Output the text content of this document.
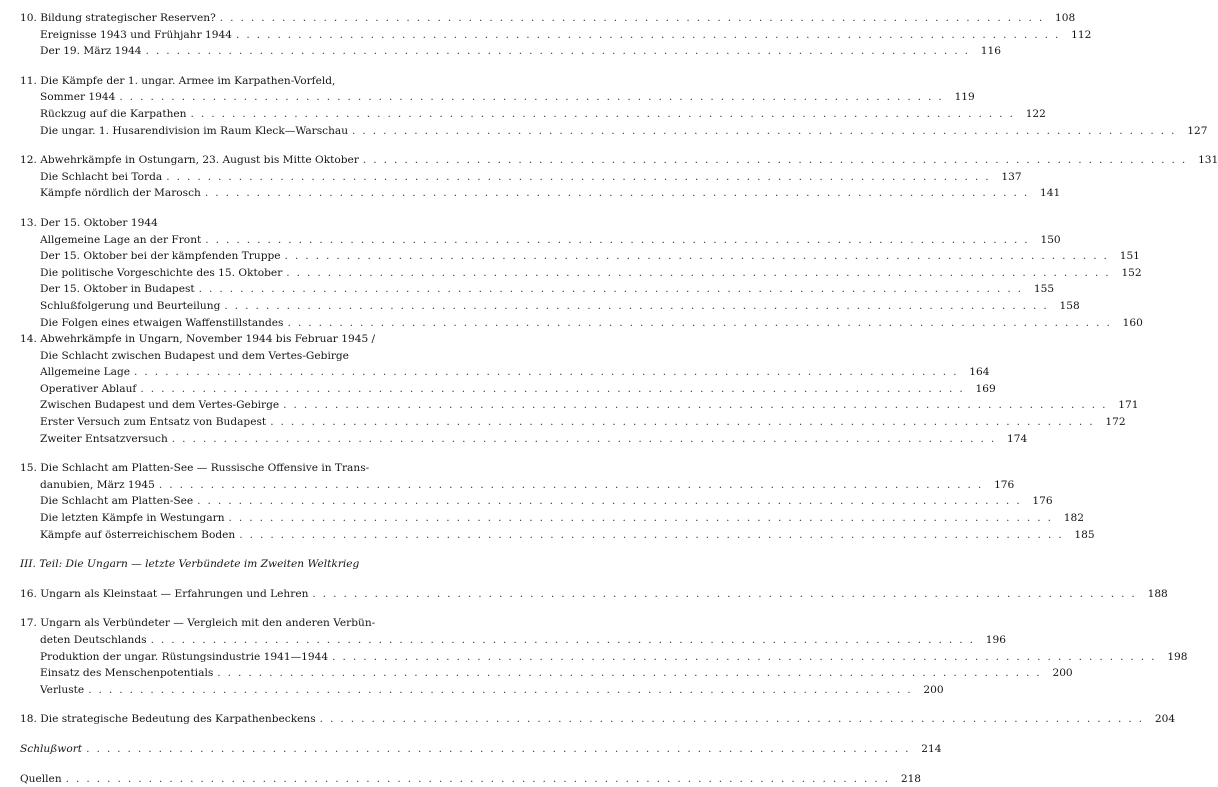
10. Bildung strategischer Reserven? ................................................................................ 108
Ereignisse 1943 und Frühjahr 1944 ................................................................................ 112
Der 19. März 1944 ................................................................................ 116
11. Die Kämpfe der 1. ungar. Armee im Karpathen-Vorfeld,
Sommer 1944 ................................................................................ 119
Rückzug auf die Karpathen ................................................................................ 122
Die ungar. 1. Husarendivision im Raum Kleck—Warschau ................................................................................ 127
12. Abwehrkämpfe in Ostungarn, 23. August bis Mitte Oktober ................................................................................ 131
Die Schlacht bei Torda ................................................................................ 137
Kämpfe nördlich der Marosch ................................................................................ 141
13. Der 15. Oktober 1944
Allgemeine Lage an der Front ................................................................................ 150
Der 15. Oktober bei der kämpfenden Truppe ................................................................................ 151
Die politische Vorgeschichte des 15. Oktober ................................................................................ 152
Der 15. Oktober in Budapest ................................................................................ 155
Schlußfolgerung und Beurteilung ................................................................................ 158
Die Folgen eines etwaigen Waffenstillstandes ................................................................................ 160
14. Abwehrkämpfe in Ungarn, November 1944 bis Februar 1945 /
Die Schlacht zwischen Budapest und dem Vertes-Gebirge
Allgemeine Lage ................................................................................ 164
Operativer Ablauf ................................................................................ 169
Zwischen Budapest und dem Vertes-Gebirge ................................................................................ 171
Erster Versuch zum Entsatz von Budapest ................................................................................ 172
Zweiter Entsatzversuch ................................................................................ 174
15. Die Schlacht am Platten-See — Russische Offensive in Trans-
danubien, März 1945 ................................................................................ 176
Die Schlacht am Platten-See ................................................................................ 176
Die letzten Kämpfe in Westungarn ................................................................................ 182
Kämpfe auf österreichischem Boden ................................................................................ 185
III. Teil: Die Ungarn — letzte Verbündete im Zweiten Weltkrieg
16. Ungarn als Kleinstaat — Erfahrungen und Lehren ................................................................................ 188
17. Ungarn als Verbündeter — Vergleich mit den anderen Verbün-
deten Deutschlands ................................................................................ 196
Produktion der ungar. Rüstungsindustrie 1941—1944 ................................................................................ 198
Einsatz des Menschenpotentials ................................................................................ 200
Verluste ................................................................................ 200
18. Die strategische Bedeutung des Karpathenbeckens ................................................................................ 204
Schlußwort ................................................................................ 214
Quellen ................................................................................ 218
